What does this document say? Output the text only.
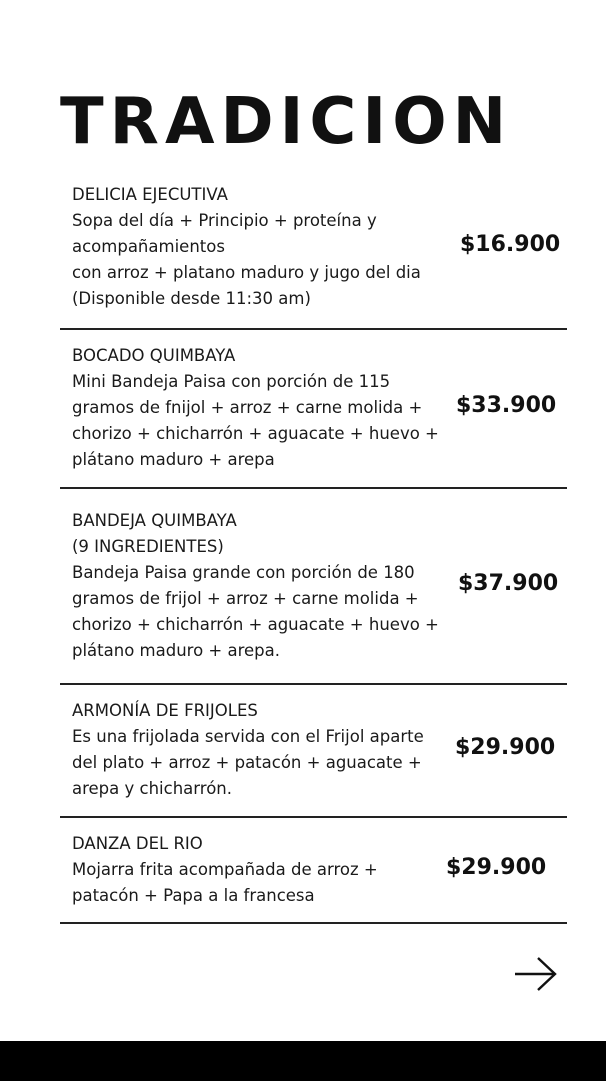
TRADICION
DELICIA EJECUTIVA
Sopa del día + Principio + proteína y
acompañamientos
con arroz + platano maduro y jugo del dia
(Disponible desde 11:30 am)
$16.900
BOCADO QUIMBAYA
Mini Bandeja Paisa con porción de 115
gramos de fnijol + arroz + carne molida +
chorizo + chicharrón + aguacate + huevo +
plátano maduro + arepa
$33.900
BANDEJA QUIMBAYA
(9 INGREDIENTES)
Bandeja Paisa grande con porción de 180
gramos de frijol + arroz + carne molida +
chorizo + chicharrón + aguacate + huevo +
plátano maduro + arepa.
$37.900
ARMONÍA DE FRIJOLES
Es una frijolada servida con el Frijol aparte
del plato + arroz + patacón + aguacate +
arepa y chicharrón.
$29.900
DANZA DEL RIO
Mojarra frita acompañada de arroz +
patacón + Papa a la francesa
$29.900
